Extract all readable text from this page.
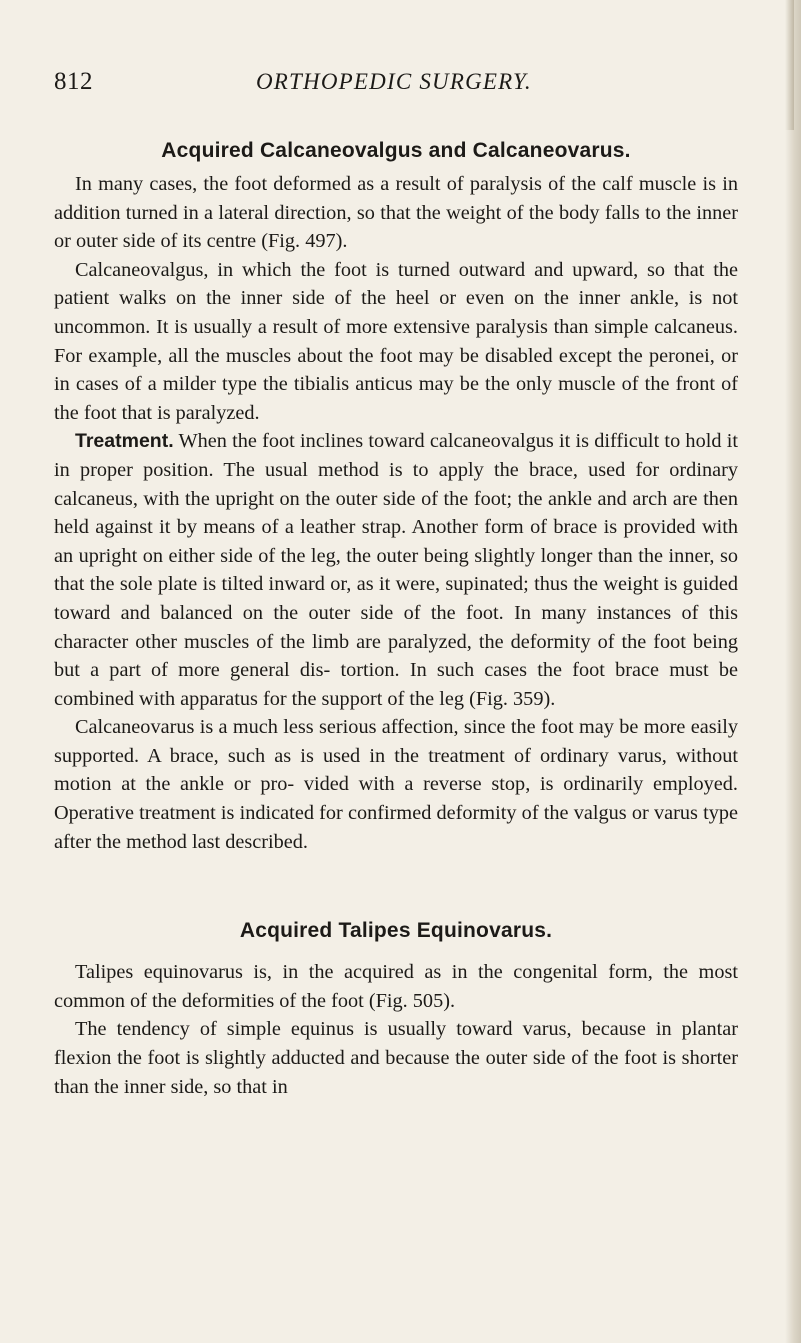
812	ORTHOPEDIC SURGERY.
Acquired Calcaneovalgus and Calcaneovarus.

In many cases, the foot deformed as a result of paralysis of the calf muscle is in addition turned in a lateral direction, so that the weight of the body falls to the inner or outer side of its centre (Fig. 497).

Calcaneovalgus, in which the foot is turned outward and upward, so that the patient walks on the inner side of the heel or even on the inner ankle, is not uncommon. It is usually a result of more extensive paralysis than simple calcaneus. For example, all the muscles about the foot may be disabled except the peronei, or in cases of a milder type the tibialis anticus may be the only muscle of the front of the foot that is paralyzed.

Treatment. When the foot inclines toward calcaneovalgus it is difficult to hold it in proper position. The usual method is to apply the brace, used for ordinary calcaneus, with the upright on the outer side of the foot; the ankle and arch are then held against it by means of a leather strap. Another form of brace is provided with an upright on either side of the leg, the outer being slightly longer than the inner, so that the sole plate is tilted inward or, as it were, supinated; thus the weight is guided toward and balanced on the outer side of the foot. In many instances of this character other muscles of the limb are paralyzed, the deformity of the foot being but a part of more general dis- tortion. In such cases the foot brace must be combined with apparatus for the support of the leg (Fig. 359).

Calcaneovarus is a much less serious affection, since the foot may be more easily supported. A brace, such as is used in the treatment of ordinary varus, without motion at the ankle or pro- vided with a reverse stop, is ordinarily employed. Operative treatment is indicated for confirmed deformity of the valgus or varus type after the method last described.

Acquired Talipes Equinovarus.

Talipes equinovarus is, in the acquired as in the congenital form, the most common of the deformities of the foot (Fig. 505).

The tendency of simple equinus is usually toward varus, because in plantar flexion the foot is slightly adducted and because the outer side of the foot is shorter than the inner side, so that in
